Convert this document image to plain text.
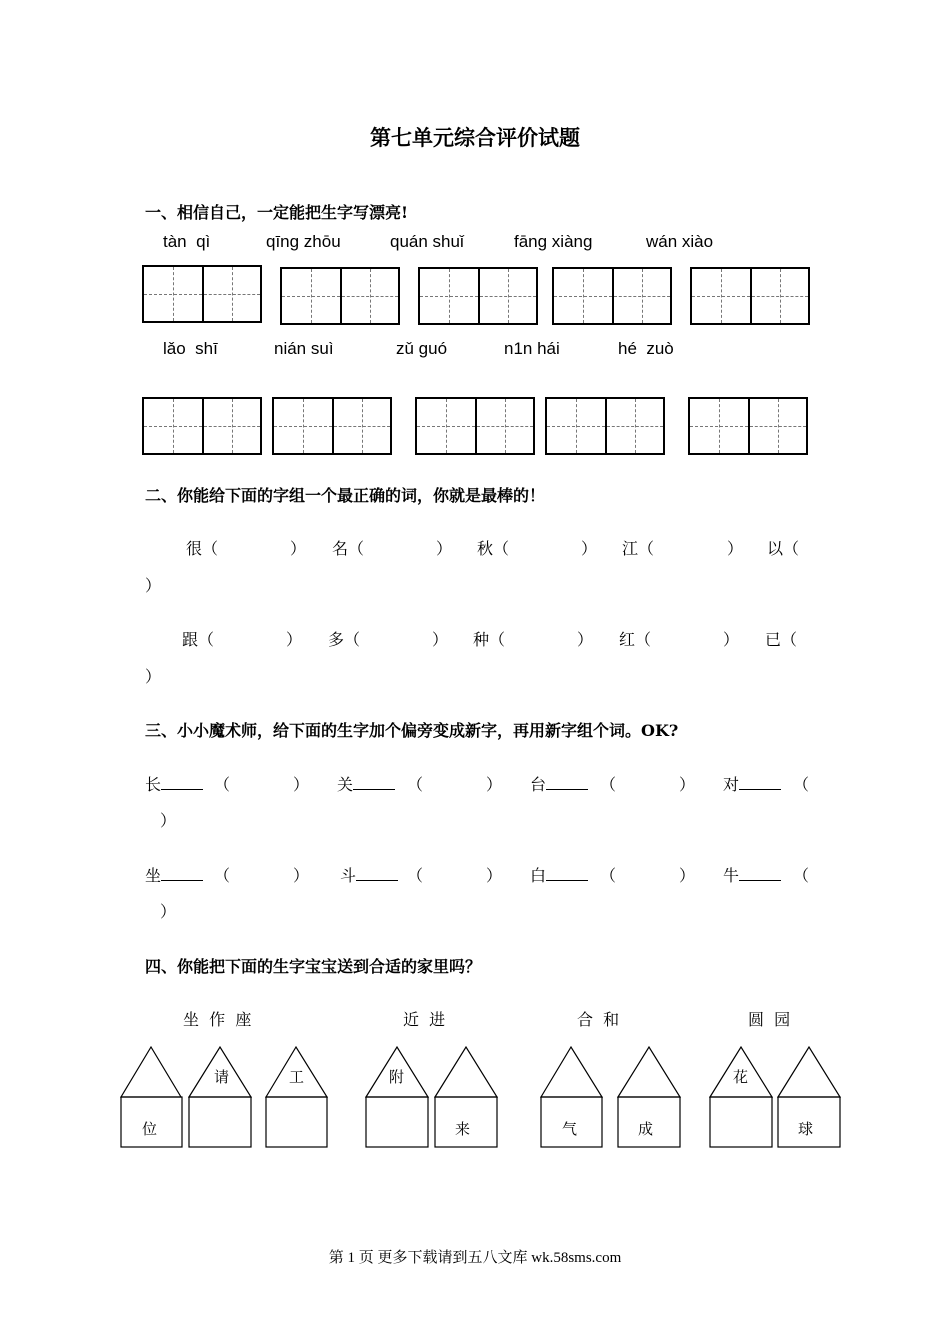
第七单元综合评价试题
一、相信自己，一定能把生字写漂亮!
tàn  qì	qīng zhōu	quán shuǐ	fāng xiàng	wán xiào
lǎo  shī	nián suì	zǔ guó	n1n hái	hé  zuò
二、你能给下面的字组一个最正确的词，你就是最棒的！
很（	） 名（	） 秋（	） 江（	） 以（
）
跟（	） 多（	） 种（	） 红（	） 已（
）
三、小小魔术师，给下面的生字加个偏旁变成新字，再用新字组个词。OK?
长	（	） 关	（	） 台	（	） 对	（
）
坐	（	） 斗	（	） 白	（	） 牛	（
）
四、你能把下面的生字宝宝送到合适的家里吗？
坐  作  座	近  进	合  和	圆  园
请	工	附	花
位	来	气	成	球
第 1 页 更多下载请到五八文库 wk.58sms.com
